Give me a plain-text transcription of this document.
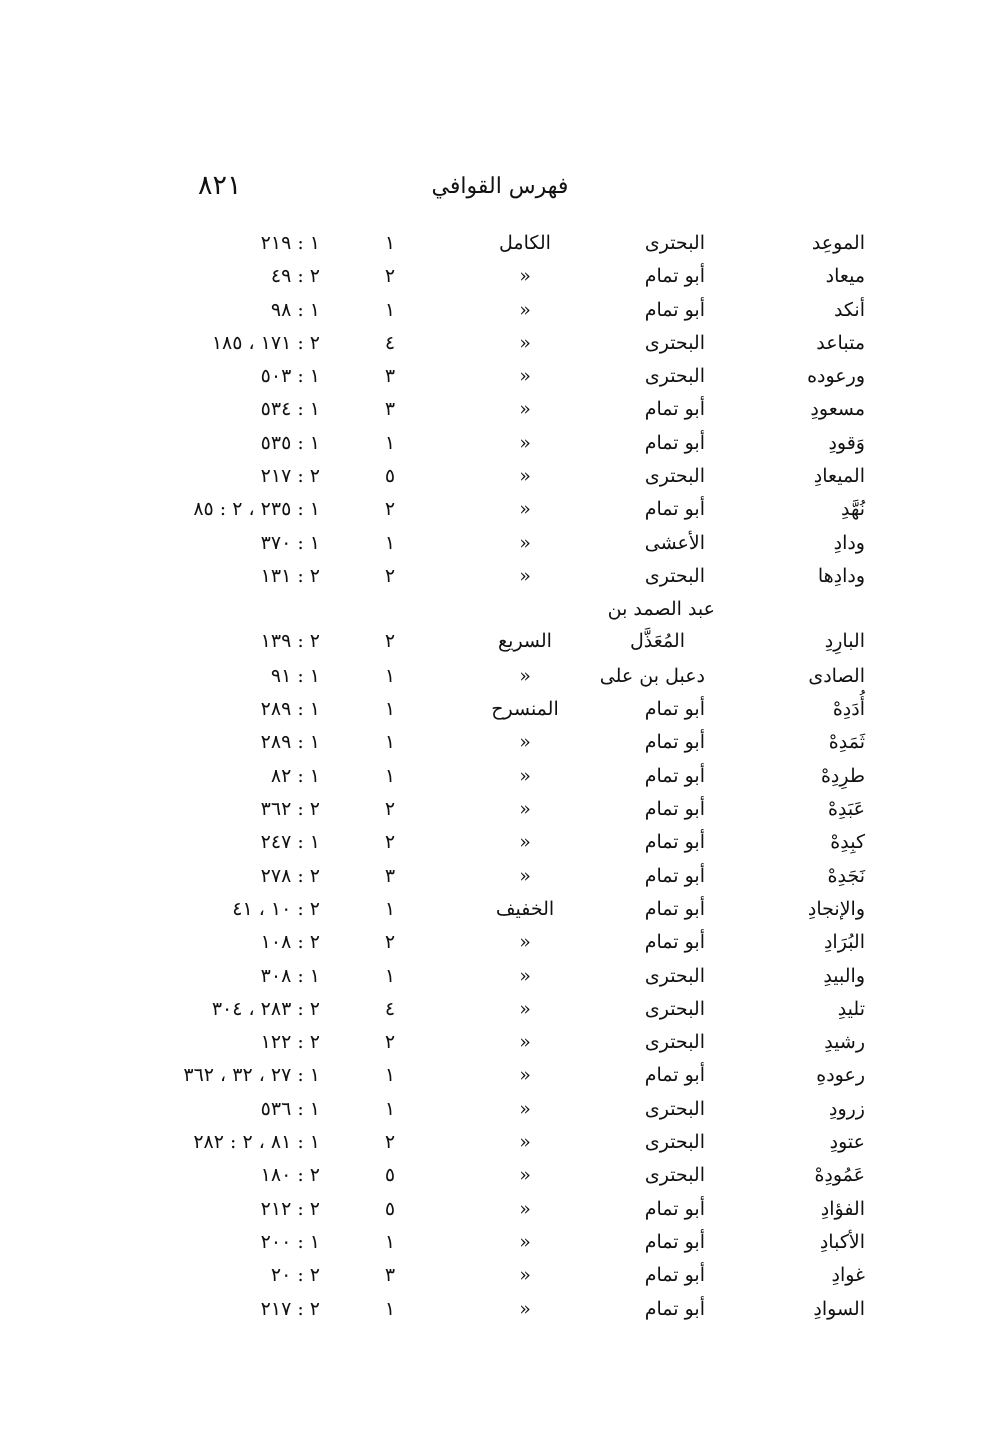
٨٢١	فهرس القوافي
الموعِد
البحترى
الكامل
١
١ : ٢١٩
ميعاد
أبو تمام
»
٢
٢ : ٤٩
أنكد
أبو تمام
»
١
١ : ٩٨
متباعد
البحترى
»
٤
٢ : ١٧١ ، ١٨٥
ورعوده
البحترى
»
٣
١ : ٥٠٣
مسعودِ
أبو تمام
»
٣
١ : ٥٣٤
وَقودِ
أبو تمام
»
١
١ : ٥٣٥
الميعادِ
البحترى
»
٥
٢ : ٢١٧
نُهَّدِ
أبو تمام
»
٢
١ : ٢٣٥ ، ٢ : ٨٥
ودادِ
الأعشى
»
١
١ : ٣٧٠
ودادِها
البحترى
»
٢
٢ : ١٣١
البارِدِ
عبد الصمد بن
المُعَذَّل
السريع
٢
٢ : ١٣٩
الصادى
دعبل بن على
»
١
١ : ٩١
أُدَدِهْ
أبو تمام
المنسرح
١
١ : ٢٨٩
ثَمَدِهْ
أبو تمام
»
١
١ : ٢٨٩
طرِدِهْ
أبو تمام
»
١
١ : ٨٢
عَبَدِهْ
أبو تمام
»
٢
٢ : ٣٦٢
كبِدِهْ
أبو تمام
»
٢
١ : ٢٤٧
نَجَدِهْ
أبو تمام
»
٣
٢ : ٢٧٨
والإنجادِ
أبو تمام
الخفيف
١
٢ : ١٠ ، ٤١
البُرَادِ
أبو تمام
»
٢
٢ : ١٠٨
والبيدِ
البحترى
»
١
١ : ٣٠٨
تليدِ
البحترى
»
٤
٢ : ٢٨٣ ، ٣٠٤
رشيدِ
البحترى
»
٢
٢ : ١٢٢
رعودهِ
أبو تمام
»
١
١ : ٢٧ ، ٣٢ ، ٣٦٢
زرودِ
البحترى
»
١
١ : ٥٣٦
عتودِ
البحترى
»
٢
١ : ٨١ ، ٢ : ٢٨٢
عَمُودِهْ
البحترى
»
٥
٢ : ١٨٠
الفؤادِ
أبو تمام
»
٥
٢ : ٢١٢
الأكبادِ
أبو تمام
»
١
١ : ٢٠٠
غوادِ
أبو تمام
»
٣
٢ : ٢٠
السوادِ
أبو تمام
»
١
٢ : ٢١٧
